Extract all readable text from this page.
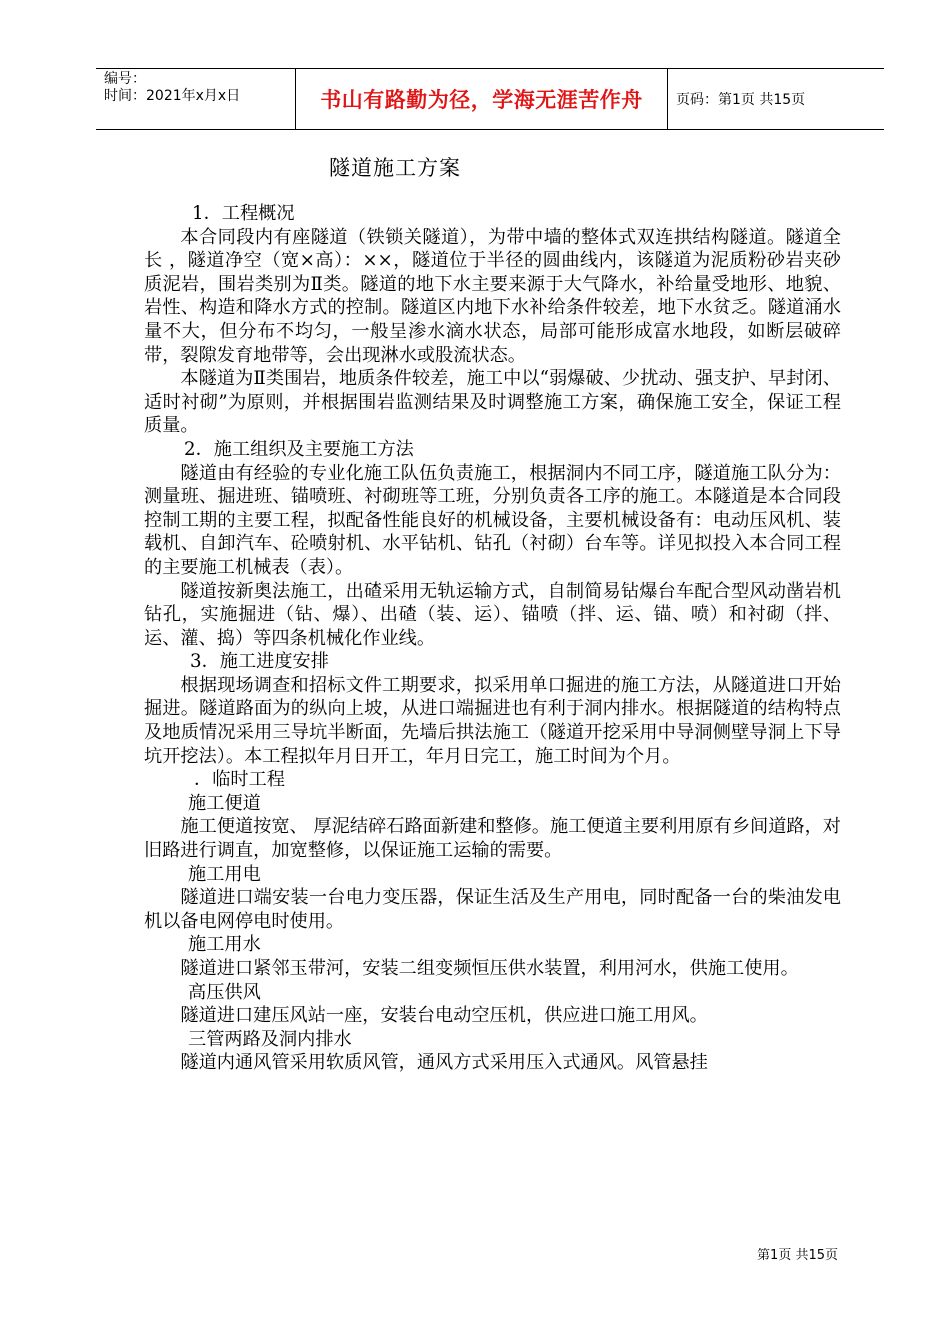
编号：
时间：2021年x月x日	书山有路勤为径，学海无涯苦作舟	页码：第1页 共15页
隧道施工方案

1．工程概况

本合同段内有座隧道（铁锁关隧道），为带中墙的整体式双连拱结构隧道。隧道全长 ，隧道净空（宽×高）：××，隧道位于半径的圆曲线内，该隧道为泥质粉砂岩夹砂质泥岩，围岩类别为Ⅱ类。隧道的地下水主要来源于大气降水，补给量受地形、地貌、岩性、构造和降水方式的控制。隧道区内地下水补给条件较差，地下水贫乏。隧道涌水量不大，但分布不均匀，一般呈渗水滴水状态，局部可能形成富水地段，如断层破碎带，裂隙发育地带等，会出现淋水或股流状态。

本隧道为Ⅱ类围岩，地质条件较差，施工中以“弱爆破、少扰动、强支护、早封闭、适时衬砌”为原则，并根据围岩监测结果及时调整施工方案，确保施工安全，保证工程质量。

2．施工组织及主要施工方法

隧道由有经验的专业化施工队伍负责施工，根据洞内不同工序，隧道施工队分为：测量班、掘进班、锚喷班、衬砌班等工班，分别负责各工序的施工。本隧道是本合同段控制工期的主要工程，拟配备性能良好的机械设备，主要机械设备有：电动压风机、装载机、自卸汽车、砼喷射机、水平钻机、钻孔（衬砌）台车等。详见拟投入本合同工程的主要施工机械表（表）。

隧道按新奥法施工，出碴采用无轨运输方式，自制简易钻爆台车配合型风动凿岩机钻孔，实施掘进（钻、爆）、出碴（装、运）、锚喷（拌、运、锚、喷）和衬砌（拌、运、灌、捣）等四条机械化作业线。

3．施工进度安排

根据现场调查和招标文件工期要求，拟采用单口掘进的施工方法，从隧道进口开始掘进。隧道路面为的纵向上坡，从进口端掘进也有利于洞内排水。根据隧道的结构特点及地质情况采用三导坑半断面，先墙后拱法施工（隧道开挖采用中导洞侧壁导洞上下导坑开挖法）。本工程拟年月日开工，年月日完工，施工时间为个月。

．临时工程

施工便道

施工便道按宽、 厚泥结碎石路面新建和整修。施工便道主要利用原有乡间道路，对旧路进行调直，加宽整修，以保证施工运输的需要。

施工用电

隧道进口端安装一台电力变压器，保证生活及生产用电，同时配备一台的柴油发电机以备电网停电时使用。

施工用水

隧道进口紧邻玉带河，安装二组变频恒压供水装置，利用河水，供施工使用。

高压供风

隧道进口建压风站一座，安装台电动空压机，供应进口施工用风。

三管两路及洞内排水

隧道内通风管采用软质风管，通风方式采用压入式通风。风管悬挂

第1页 共15页
